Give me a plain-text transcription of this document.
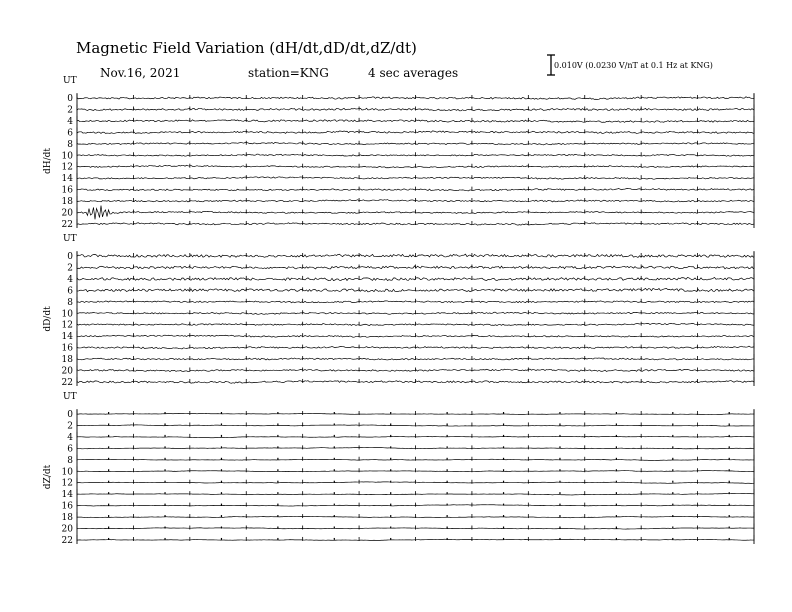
Magnetic Field Variation (dH/dt,dD/dt,dZ/dt)
Nov.16, 2021	station=KNG	4 sec averages
0.010V (0.0230 V/nT at 0.1 Hz at KNG)
UT
dH/dt
0
2
4
6
8
10
12
14
16
18
20
22
UT
dD/dt
0
2
4
6
8
10
12
14
16
18
20
22
UT
dZ/dt
0
2
4
6
8
10
12
14
16
18
20
22
